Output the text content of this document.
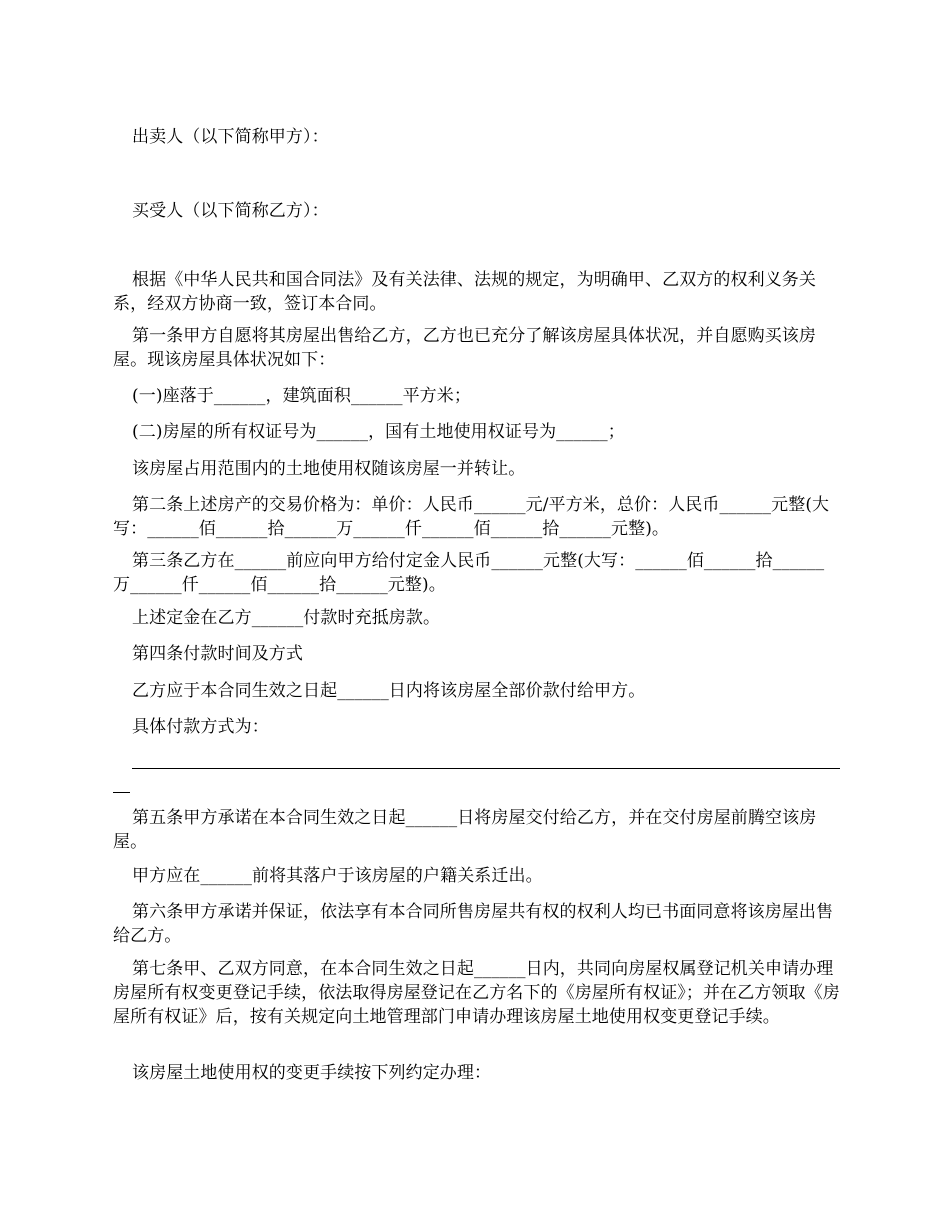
出卖人（以下简称甲方）：

买受人（以下简称乙方）：

根据《中华人民共和国合同法》及有关法律、法规的规定，为明确甲、乙双方的权利义务关系，经双方协商一致，签订本合同。

第一条甲方自愿将其房屋出售给乙方，乙方也已充分了解该房屋具体状况，并自愿购买该房屋。现该房屋具体状况如下：

(一)座落于______，建筑面积______平方米；

(二)房屋的所有权证号为______，国有土地使用权证号为______；

该房屋占用范围内的土地使用权随该房屋一并转让。

第二条上述房产的交易价格为：单价：人民币______元/平方米，总价：人民币______元整(大写：______佰______拾______万______仟______佰______拾______元整)。

第三条乙方在______前应向甲方给付定金人民币______元整(大写：______佰______拾______万______仟______佰______拾______元整)。

上述定金在乙方______付款时充抵房款。

第四条付款时间及方式

乙方应于本合同生效之日起______日内将该房屋全部价款付给甲方。

具体付款方式为：

第五条甲方承诺在本合同生效之日起______日将房屋交付给乙方，并在交付房屋前腾空该房屋。

甲方应在______前将其落户于该房屋的户籍关系迁出。

第六条甲方承诺并保证，依法享有本合同所售房屋共有权的权利人均已书面同意将该房屋出售给乙方。

第七条甲、乙双方同意，在本合同生效之日起______日内，共同向房屋权属登记机关申请办理房屋所有权变更登记手续，依法取得房屋登记在乙方名下的《房屋所有权证》；并在乙方领取《房屋所有权证》后，按有关规定向土地管理部门申请办理该房屋土地使用权变更登记手续。

该房屋土地使用权的变更手续按下列约定办理：
